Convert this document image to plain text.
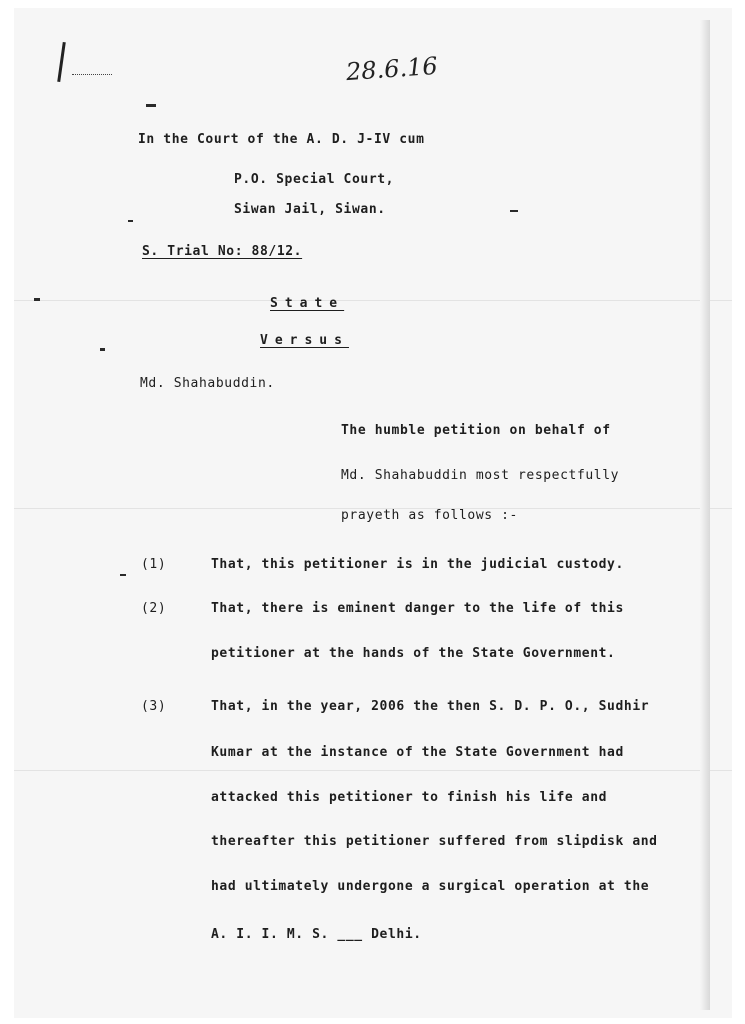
28.6.16
In the Court of the A. D. J-IV cum
P.O. Special Court,
Siwan Jail, Siwan.
S. Trial No: 88/12.
State
Versus
Md. Shahabuddin.
The humble petition on behalf of
Md. Shahabuddin most respectfully
prayeth as follows :-
(1)	That, this petitioner is in the judicial custody.
(2)	That, there is eminent danger to the life of this
petitioner at the hands of the State Government.
(3)	That, in the year, 2006 the then S. D. P. O., Sudhir
Kumar at the instance of the State Government had
attacked this petitioner to finish his life and
thereafter this petitioner suffered from slipdisk and
had ultimately undergone a surgical operation at the
A. I. I. M. S. ___ Delhi.
